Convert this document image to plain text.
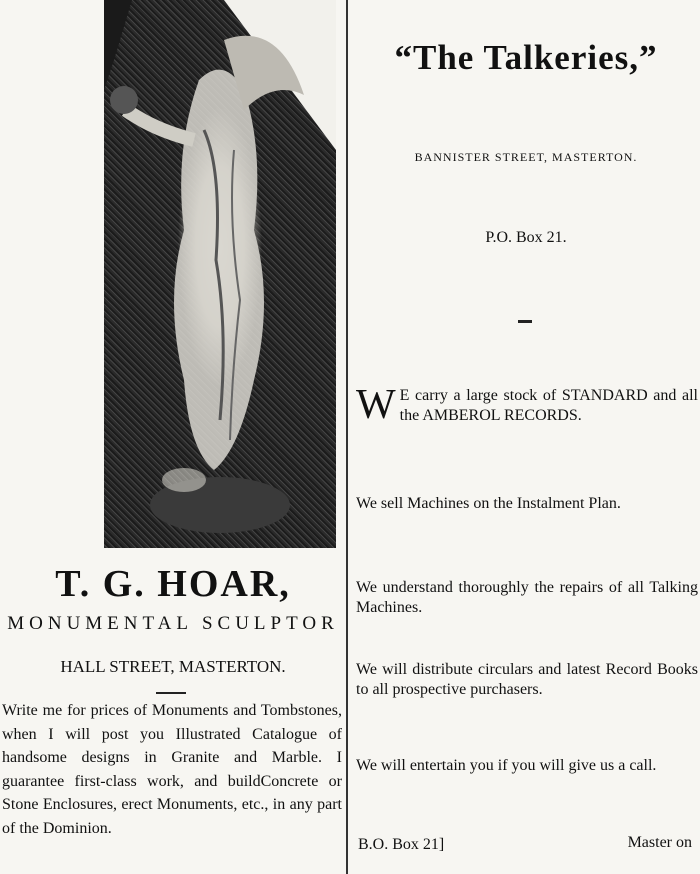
T. G. HOAR,
MONUMENTAL SCULPTOR
HALL STREET, MASTERTON.
Write me for prices of Monuments and Tombstones, when I will post you Illustrated Catalogue of handsome designs in Granite and Marble. I guarantee first-class work, and buildConcrete or Stone Enclosures, erect Monuments, etc., in any part of the Dominion.
“The Talkeries,”
BANNISTER STREET, MASTERTON.
P.O. Box 21.
W E carry a large stock of STANDARD and all the AMBEROL RECORDS.
We sell Machines on the Instalment Plan.
We understand thoroughly the repairs of all Talking Machines.
We will distribute circulars and latest Record Books to all prospective purchasers.
We will entertain you if you will give us a call.
B.O. Box 21]	Master on
